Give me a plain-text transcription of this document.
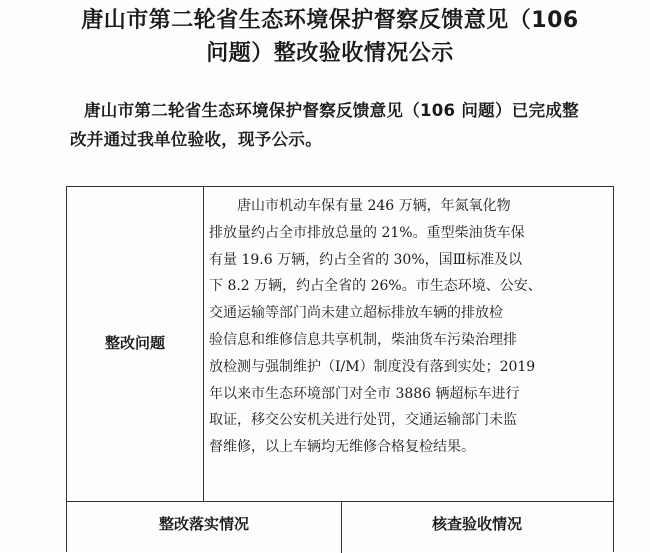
唐山市第二轮省生态环境保护督察反馈意见（106
问题）整改验收情况公示
唐山市第二轮省生态环境保护督察反馈意见（106 问题）已完成整
改并通过我单位验收，现予公示。
整改问题
唐山市机动车保有量 246 万辆，年氮氧化物
排放量约占全市排放总量的 21%。重型柴油货车保
有量 19.6 万辆，约占全省的 30%，国Ⅲ标准及以
下 8.2 万辆，约占全省的 26%。市生态环境、公安、
交通运输等部门尚未建立超标排放车辆的排放检
验信息和维修信息共享机制，柴油货车污染治理排
放检测与强制维护（I/M）制度没有落到实处；2019
年以来市生态环境部门对全市 3886 辆超标车进行
取证，移交公安机关进行处罚，交通运输部门未监
督维修，以上车辆均无维修合格复检结果。
整改落实情况	核查验收情况
